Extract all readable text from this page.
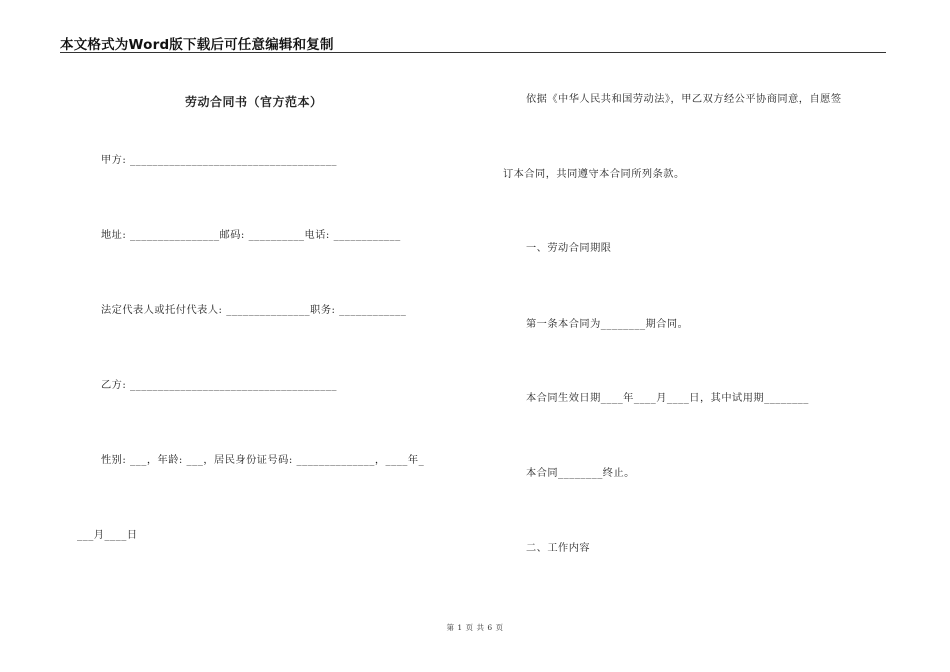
本文格式为Word版下载后可任意编辑和复制
劳动合同书（官方范本）
甲方: _____________________________________
地址: ________________邮码: __________电话: ____________
法定代表人或托付代表人: _______________职务: ____________
乙方: _____________________________________
性别: ___，年龄: ___，居民身份证号码: ______________，____年_
___月____日
依据《中华人民共和国劳动法》，甲乙双方经公平协商同意，自愿签
订本合同，共同遵守本合同所列条款。
一、劳动合同期限
第一条本合同为________期合同。
本合同生效日期____年____月____日，其中试用期________
本合同________终止。
二、工作内容
第 1 页 共 6 页
